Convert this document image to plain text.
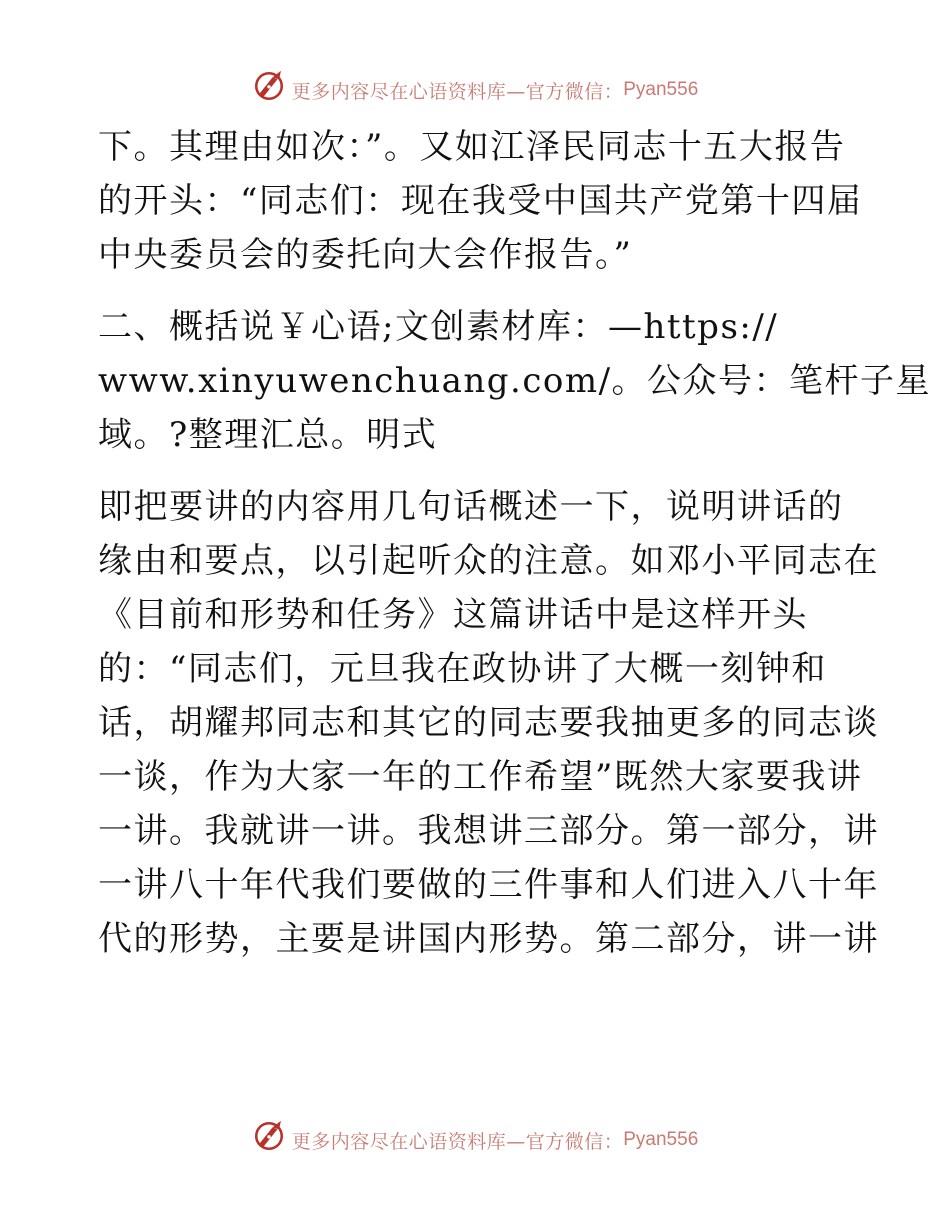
更多内容尽在心语资料库—官方微信： Pyan556
下。其理由如次：”。又如江泽民同志十五大报告
的开头：“同志们：现在我受中国共产党第十四届
中央委员会的委托向大会作报告。”
二、概括说￥心语;文创素材库：—https://
www.xinyuwenchuang.com/。公众号：笔杆子星
域。?整理汇总。明式
即把要讲的内容用几句话概述一下，说明讲话的
缘由和要点，以引起听众的注意。如邓小平同志在
《目前和形势和任务》这篇讲话中是这样开头
的：“同志们，元旦我在政协讲了大概一刻钟和
话，胡耀邦同志和其它的同志要我抽更多的同志谈
一谈，作为大家一年的工作希望”既然大家要我讲
一讲。我就讲一讲。我想讲三部分。第一部分，讲
一讲八十年代我们要做的三件事和人们进入八十年
代的形势，主要是讲国内形势。第二部分，讲一讲
更多内容尽在心语资料库—官方微信： Pyan556
